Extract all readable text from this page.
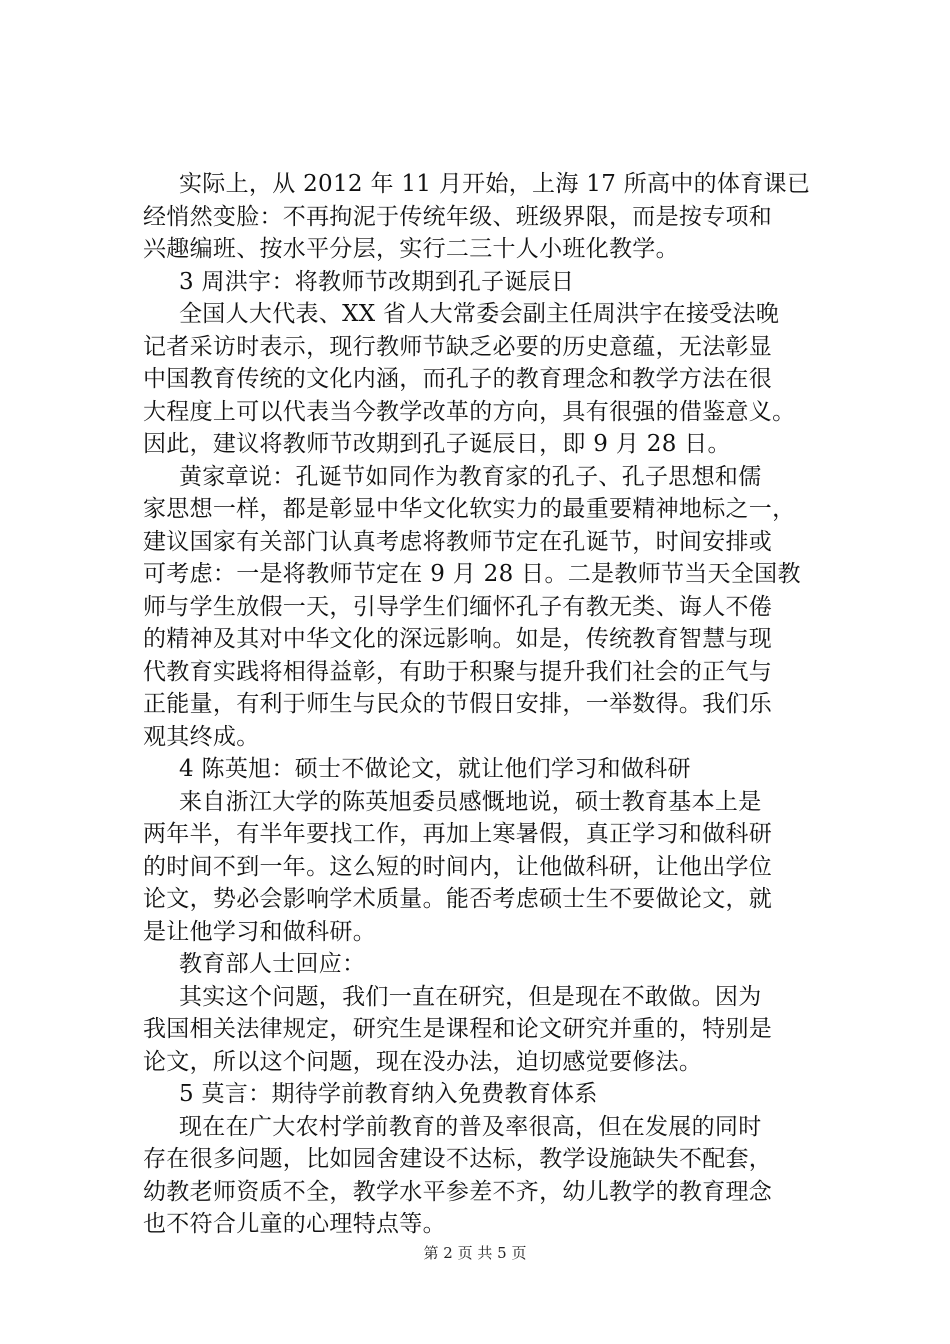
实际上，从 2012 年 11 月开始，上海 17 所高中的体育课已
经悄然变脸：不再拘泥于传统年级、班级界限，而是按专项和
兴趣编班、按水平分层，实行二三十人小班化教学。
3 周洪宇：将教师节改期到孔子诞辰日
全国人大代表、XX 省人大常委会副主任周洪宇在接受法晚
记者采访时表示，现行教师节缺乏必要的历史意蕴，无法彰显
中国教育传统的文化内涵，而孔子的教育理念和教学方法在很
大程度上可以代表当今教学改革的方向，具有很强的借鉴意义。
因此，建议将教师节改期到孔子诞辰日，即 9 月 28 日。
黄家章说：孔诞节如同作为教育家的孔子、孔子思想和儒
家思想一样，都是彰显中华文化软实力的最重要精神地标之一，
建议国家有关部门认真考虑将教师节定在孔诞节，时间安排或
可考虑：一是将教师节定在 9 月 28 日。二是教师节当天全国教
师与学生放假一天，引导学生们缅怀孔子有教无类、诲人不倦
的精神及其对中华文化的深远影响。如是，传统教育智慧与现
代教育实践将相得益彰，有助于积聚与提升我们社会的正气与
正能量，有利于师生与民众的节假日安排，一举数得。我们乐
观其终成。
4 陈英旭：硕士不做论文，就让他们学习和做科研
来自浙江大学的陈英旭委员感慨地说，硕士教育基本上是
两年半，有半年要找工作，再加上寒暑假，真正学习和做科研
的时间不到一年。这么短的时间内，让他做科研，让他出学位
论文，势必会影响学术质量。能否考虑硕士生不要做论文，就
是让他学习和做科研。
教育部人士回应：
其实这个问题，我们一直在研究，但是现在不敢做。因为
我国相关法律规定，研究生是课程和论文研究并重的，特别是
论文，所以这个问题，现在没办法，迫切感觉要修法。
5 莫言：期待学前教育纳入免费教育体系
现在在广大农村学前教育的普及率很高，但在发展的同时
存在很多问题，比如园舍建设不达标，教学设施缺失不配套，
幼教老师资质不全，教学水平参差不齐，幼儿教学的教育理念
也不符合儿童的心理特点等。
第 2 页 共 5 页
